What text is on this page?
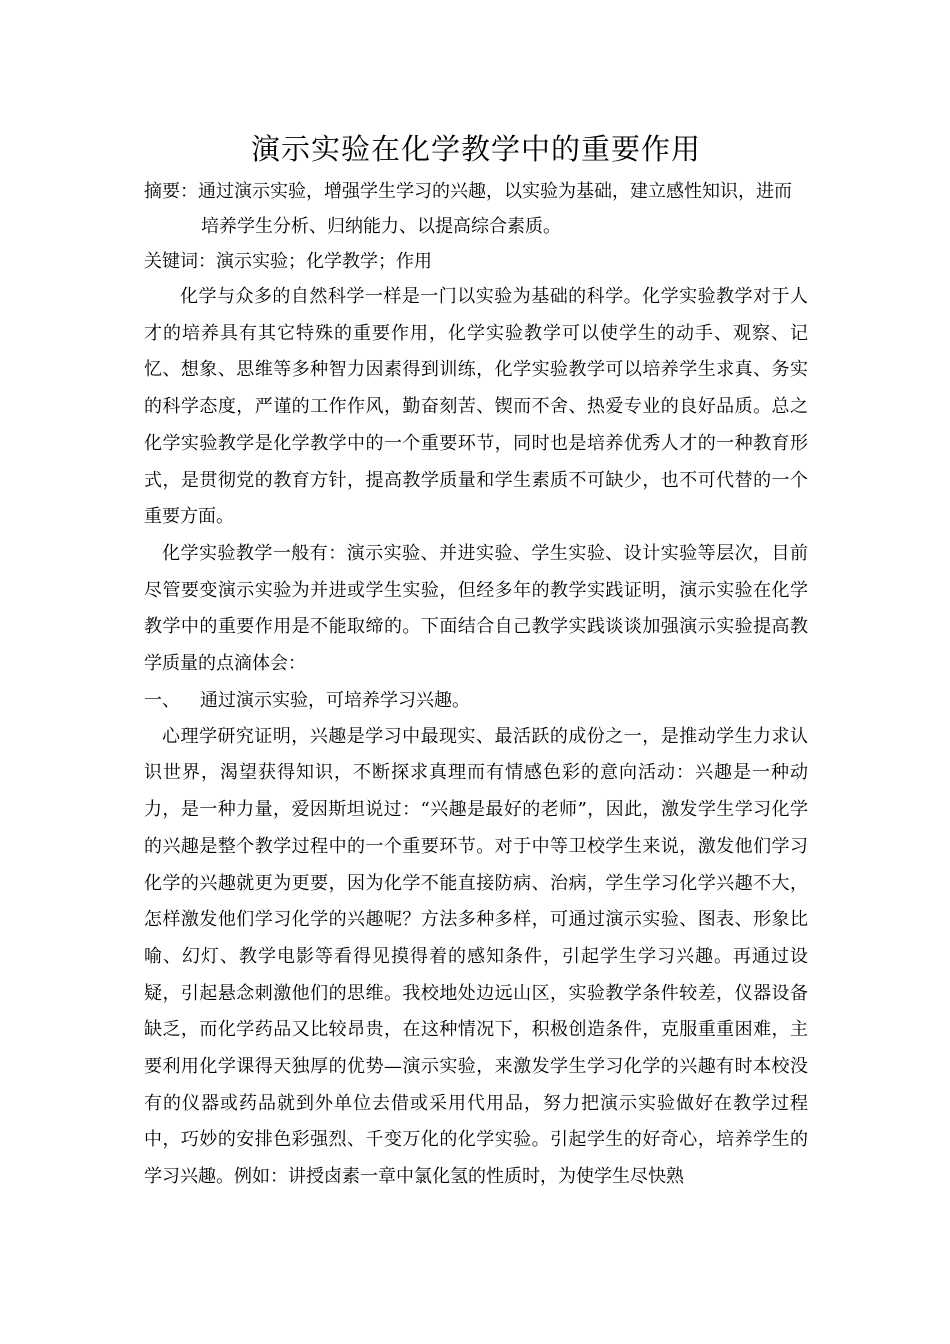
演示实验在化学教学中的重要作用
摘要：通过演示实验，增强学生学习的兴趣，以实验为基础，建立感性知识，进而
培养学生分析、归纳能力、以提高综合素质。
关键词：演示实验；化学教学；作用

化学与众多的自然科学一样是一门以实验为基础的科学。化学实验教学对于人才的培养具有其它特殊的重要作用，化学实验教学可以使学生的动手、观察、记忆、想象、思维等多种智力因素得到训练，化学实验教学可以培养学生求真、务实的科学态度，严谨的工作作风，勤奋刻苦、锲而不舍、热爱专业的良好品质。总之化学实验教学是化学教学中的一个重要环节，同时也是培养优秀人才的一种教育形式，是贯彻党的教育方针，提高教学质量和学生素质不可缺少，也不可代替的一个重要方面。

化学实验教学一般有：演示实验、并进实验、学生实验、设计实验等层次，目前尽管要变演示实验为并进或学生实验，但经多年的教学实践证明，演示实验在化学教学中的重要作用是不能取缔的。下面结合自己教学实践谈谈加强演示实验提高教学质量的点滴体会：

一、 通过演示实验，可培养学习兴趣。

心理学研究证明，兴趣是学习中最现实、最活跃的成份之一，是推动学生力求认识世界，渴望获得知识，不断探求真理而有情感色彩的意向活动：兴趣是一种动力，是一种力量，爱因斯坦说过：“兴趣是最好的老师”，因此，激发学生学习化学的兴趣是整个教学过程中的一个重要环节。对于中等卫校学生来说，激发他们学习化学的兴趣就更为更要，因为化学不能直接防病、治病，学生学习化学兴趣不大，怎样激发他们学习化学的兴趣呢？方法多种多样，可通过演示实验、图表、形象比喻、幻灯、教学电影等看得见摸得着的感知条件，引起学生学习兴趣。再通过设疑，引起悬念刺激他们的思维。我校地处边远山区，实验教学条件较差，仪器设备缺乏，而化学药品又比较昂贵，在这种情况下，积极创造条件，克服重重困难，主要利用化学课得天独厚的优势—演示实验，来激发学生学习化学的兴趣有时本校没有的仪器或药品就到外单位去借或采用代用品，努力把演示实验做好在教学过程中，巧妙的安排色彩强烈、千变万化的化学实验。引起学生的好奇心，培养学生的学习兴趣。例如：讲授卤素一章中氯化氢的性质时，为使学生尽快熟
